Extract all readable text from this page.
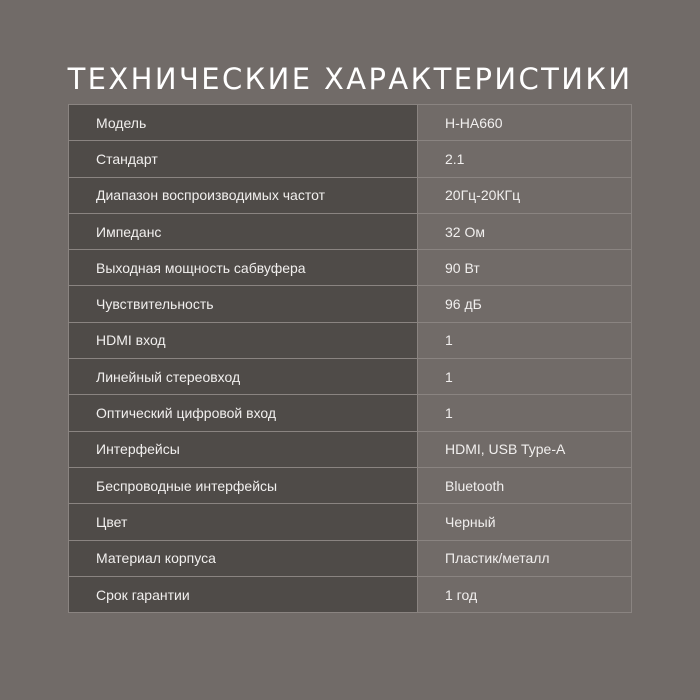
ТЕХНИЧЕСКИЕ ХАРАКТЕРИСТИКИ
Модель	H-HA660
Стандарт	2.1
Диапазон воспроизводимых частот	20Гц-20КГц
Импеданс	32 Ом
Выходная мощность сабвуфера	90 Вт
Чувствительность	96 дБ
HDMI вход	1
Линейный стереовход	1
Оптический цифровой вход	1
Интерфейсы	HDMI, USB Type-A
Беспроводные интерфейсы	Bluetooth
Цвет	Черный
Материал корпуса	Пластик/металл
Срок гарантии	1 год
